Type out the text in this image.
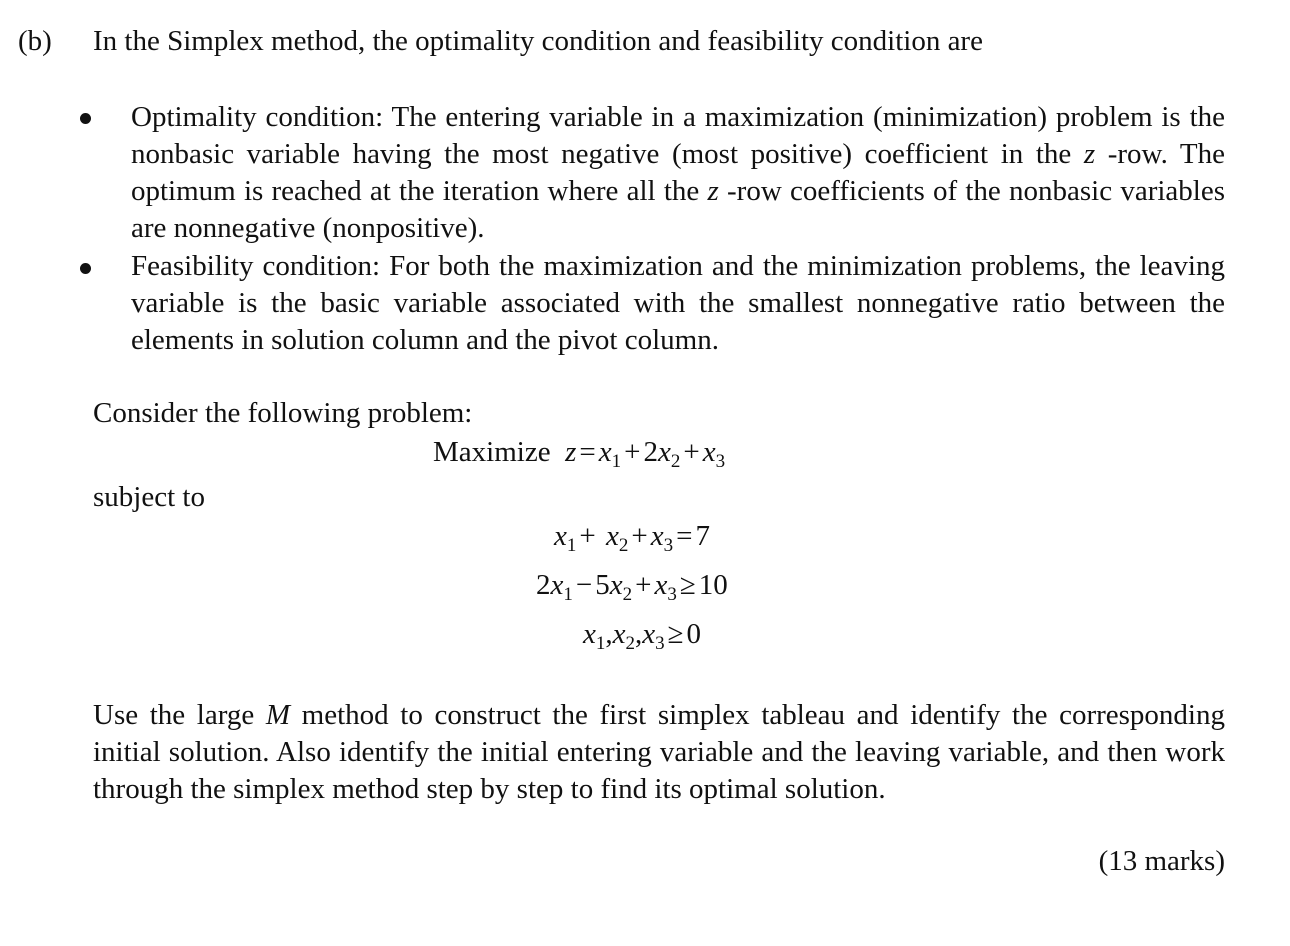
(b) In the Simplex method, the optimality condition and feasibility condition are
Optimality condition: The entering variable in a maximization (minimization) problem is the nonbasic variable having the most negative (most positive) coefficient in the z -row. The optimum is reached at the iteration where all the z -row coefficients of the nonbasic variables are nonnegative (nonpositive).
Feasibility condition: For both the maximization and the minimization problems, the leaving variable is the basic variable associated with the smallest nonnegative ratio between the elements in solution column and the pivot column.
Consider the following problem:
Maximize $z = x_1 + 2x_2 + x_3$
subject to
$x_1 + x_2 + x_3 = 7$
$2x_1 - 5x_2 + x_3 \ge 10$
$x_1,x_2,x_3 \ge 0$
Use the large M method to construct the first simplex tableau and identify the corresponding initial solution. Also identify the initial entering variable and the leaving variable, and then work through the simplex method step by step to find its optimal solution.
(13 marks)
